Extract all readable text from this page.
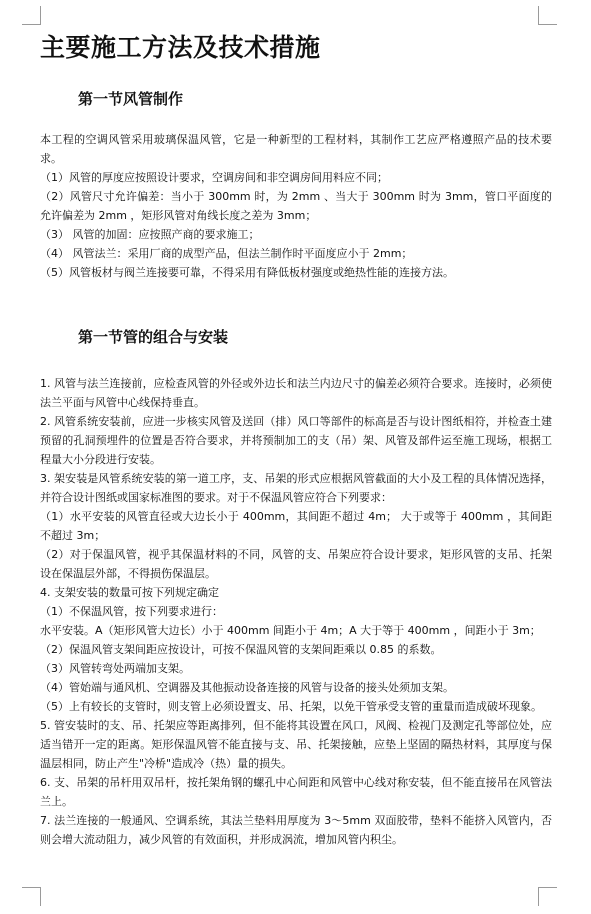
主要施工方法及技术措施
第一节风管制作

本工程的空调风管采用玻璃保温风管，它是一种新型的工程材料，其制作工艺应严格遵照产品的技术要求。

（1）风管的厚度应按照设计要求，空调房间和非空调房间用料应不同；

（2）风管尺寸允许偏差：当小于 300mm 时，为 2mm 、当大于 300mm 时为 3mm，管口平面度的允许偏差为 2mm ，矩形风管对角线长度之差为 3mm；

（3） 风管的加固：应按照产商的要求施工；

（4） 风管法兰：采用厂商的成型产品，但法兰制作时平面度应小于 2mm；

（5）风管板材与阀兰连接要可靠，不得采用有降低板材强度或绝热性能的连接方法。

第一节管的组合与安装

1. 风管与法兰连接前，应检查风管的外径或外边长和法兰内边尺寸的偏差必须符合要求。连接时，必须使法兰平面与风管中心线保持垂直。

2. 风管系统安装前，应进一步核实风管及送回（排）风口等部件的标高是否与设计图纸相符，并检查土建预留的孔洞预埋件的位置是否符合要求，并将预制加工的支（吊）架、风管及部件运至施工现场，根据工程量大小分段进行安装。

3. 架安装是风管系统安装的第一道工序，支、吊架的形式应根据风管截面的大小及工程的具体情况选择，并符合设计图纸或国家标准图的要求。对于不保温风管应符合下列要求：

（1）水平安装的风管直径或大边长小于 400mm，其间距不超过 4m； 大于或等于 400mm ，其间距不超过 3m；

（2）对于保温风管，视乎其保温材料的不同，风管的支、吊架应符合设计要求，矩形风管的支吊、托架设在保温层外部，不得损伤保温层。

4. 支架安装的数量可按下列规定确定

（1）不保温风管，按下列要求进行：

水平安装。A（矩形风管大边长）小于 400mm 间距小于 4m；A 大于等于 400mm ，间距小于 3m；

（2）保温风管支架间距应按设计，可按不保温风管的支架间距乘以 0.85 的系数。

（3）风管转弯处两端加支架。

（4）管始端与通风机、空调器及其他振动设备连接的风管与设备的接头处须加支架。

（5）上有较长的支管时，则支管上必须设置支、吊、托架，以免干管承受支管的重量而造成破坏现象。

5. 管安装时的支、吊、托架应等距离排列，但不能将其设置在风口，风阀、检视门及测定孔等部位处，应适当错开一定的距离。矩形保温风管不能直接与支、吊、托架接触，应垫上坚固的隔热材料，其厚度与保温层相同，防止产生"冷桥"造成冷（热）量的损失。

6. 支、吊架的吊杆用双吊杆，按托架角钢的螺孔中心间距和风管中心线对称安装，但不能直接吊在风管法兰上。

7. 法兰连接的一般通风、空调系统，其法兰垫料用厚度为 3～5mm 双面胶带，垫料不能挤入风管内，否则会增大流动阻力，减少风管的有效面积，并形成涡流，增加风管内积尘。
